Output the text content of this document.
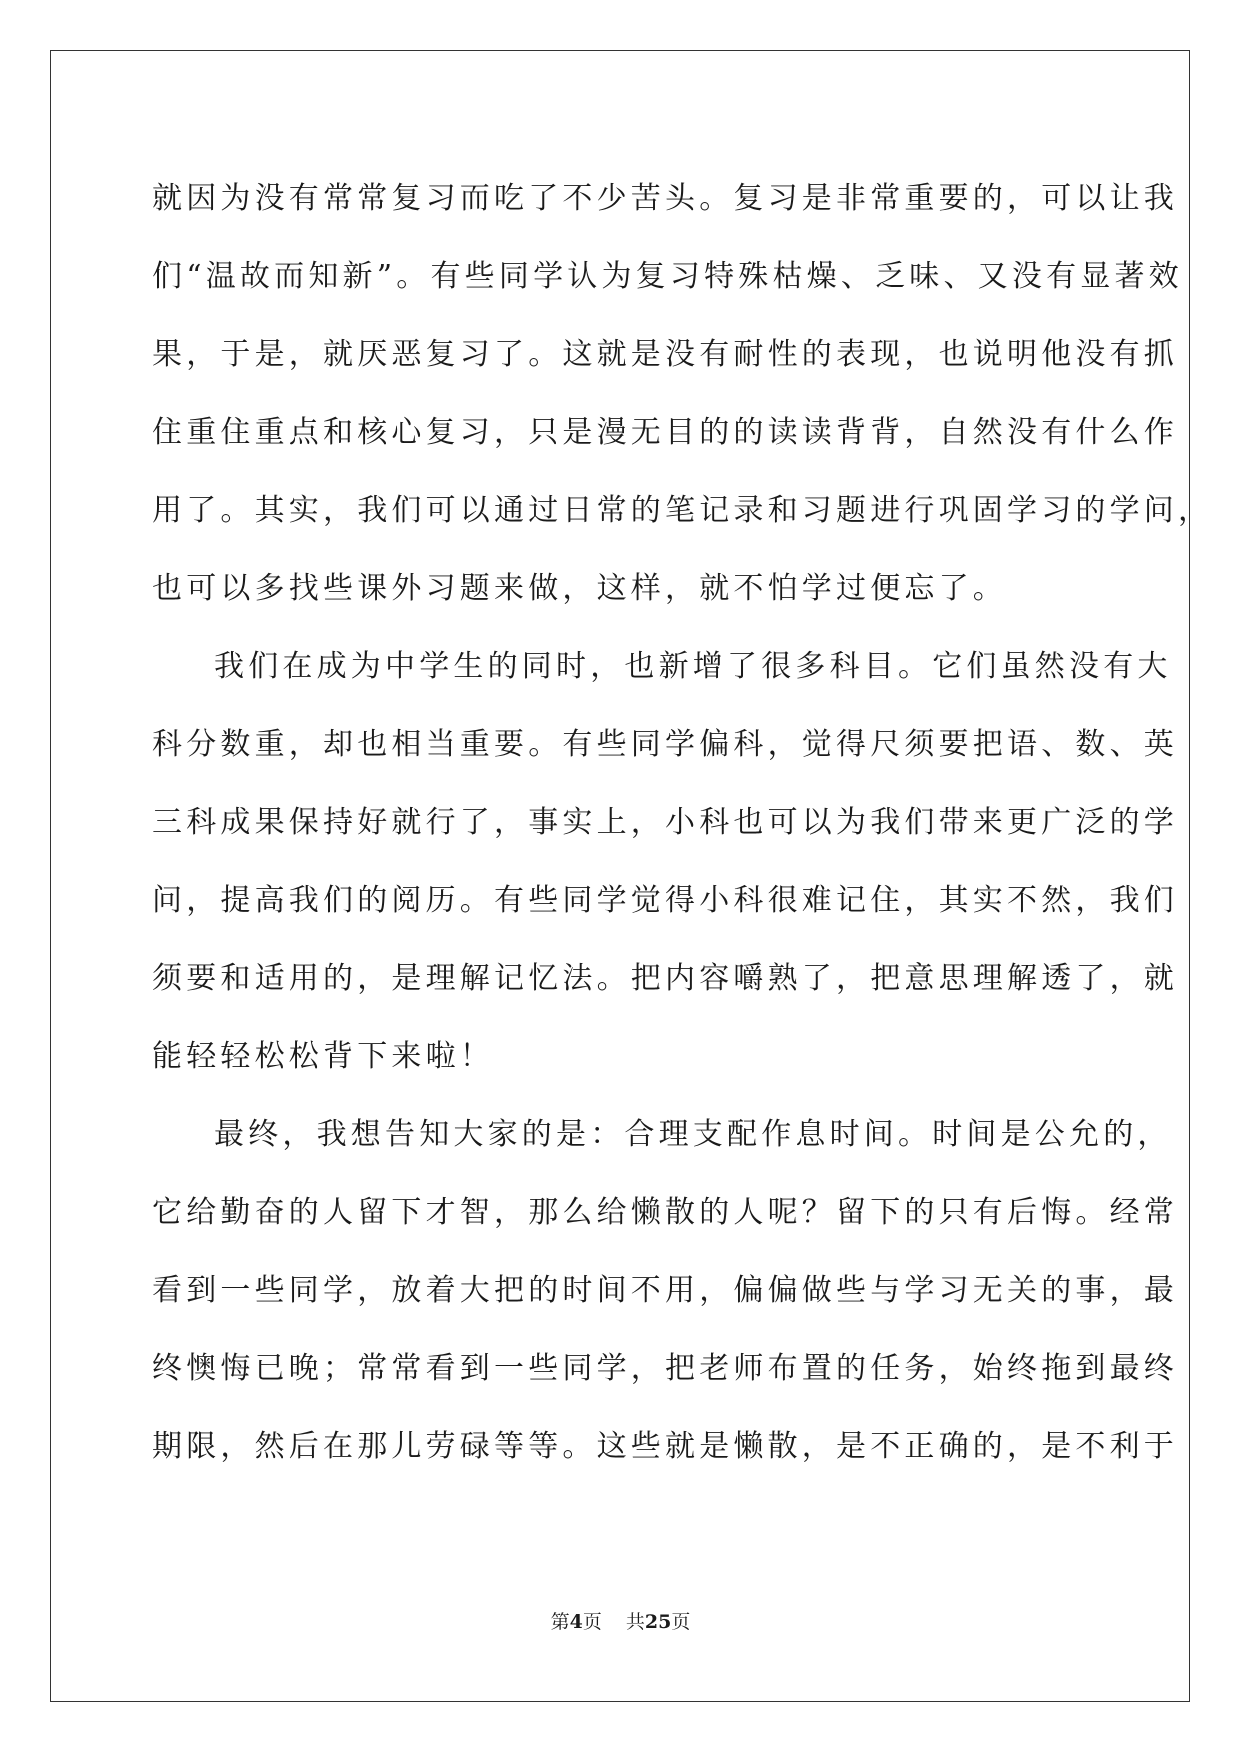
就因为没有常常复习而吃了不少苦头。复习是非常重要的，可以让我
们“温故而知新”。有些同学认为复习特殊枯燥、乏味、又没有显著效
果，于是，就厌恶复习了。这就是没有耐性的表现，也说明他没有抓
住重住重点和核心复习，只是漫无目的的读读背背，自然没有什么作
用了。其实，我们可以通过日常的笔记录和习题进行巩固学习的学问，
也可以多找些课外习题来做，这样，就不怕学过便忘了。
我们在成为中学生的同时，也新增了很多科目。它们虽然没有大
科分数重，却也相当重要。有些同学偏科，觉得尺须要把语、数、英
三科成果保持好就行了，事实上，小科也可以为我们带来更广泛的学
问，提高我们的阅历。有些同学觉得小科很难记住，其实不然，我们
须要和适用的，是理解记忆法。把内容嚼熟了，把意思理解透了，就
能轻轻松松背下来啦！
最终，我想告知大家的是：合理支配作息时间。时间是公允的，
它给勤奋的人留下才智，那么给懒散的人呢？留下的只有后悔。经常
看到一些同学，放着大把的时间不用，偏偏做些与学习无关的事，最
终懊悔已晚；常常看到一些同学，把老师布置的任务，始终拖到最终
期限，然后在那儿劳碌等等。这些就是懒散，是不正确的，是不利于
第4页 共25页
